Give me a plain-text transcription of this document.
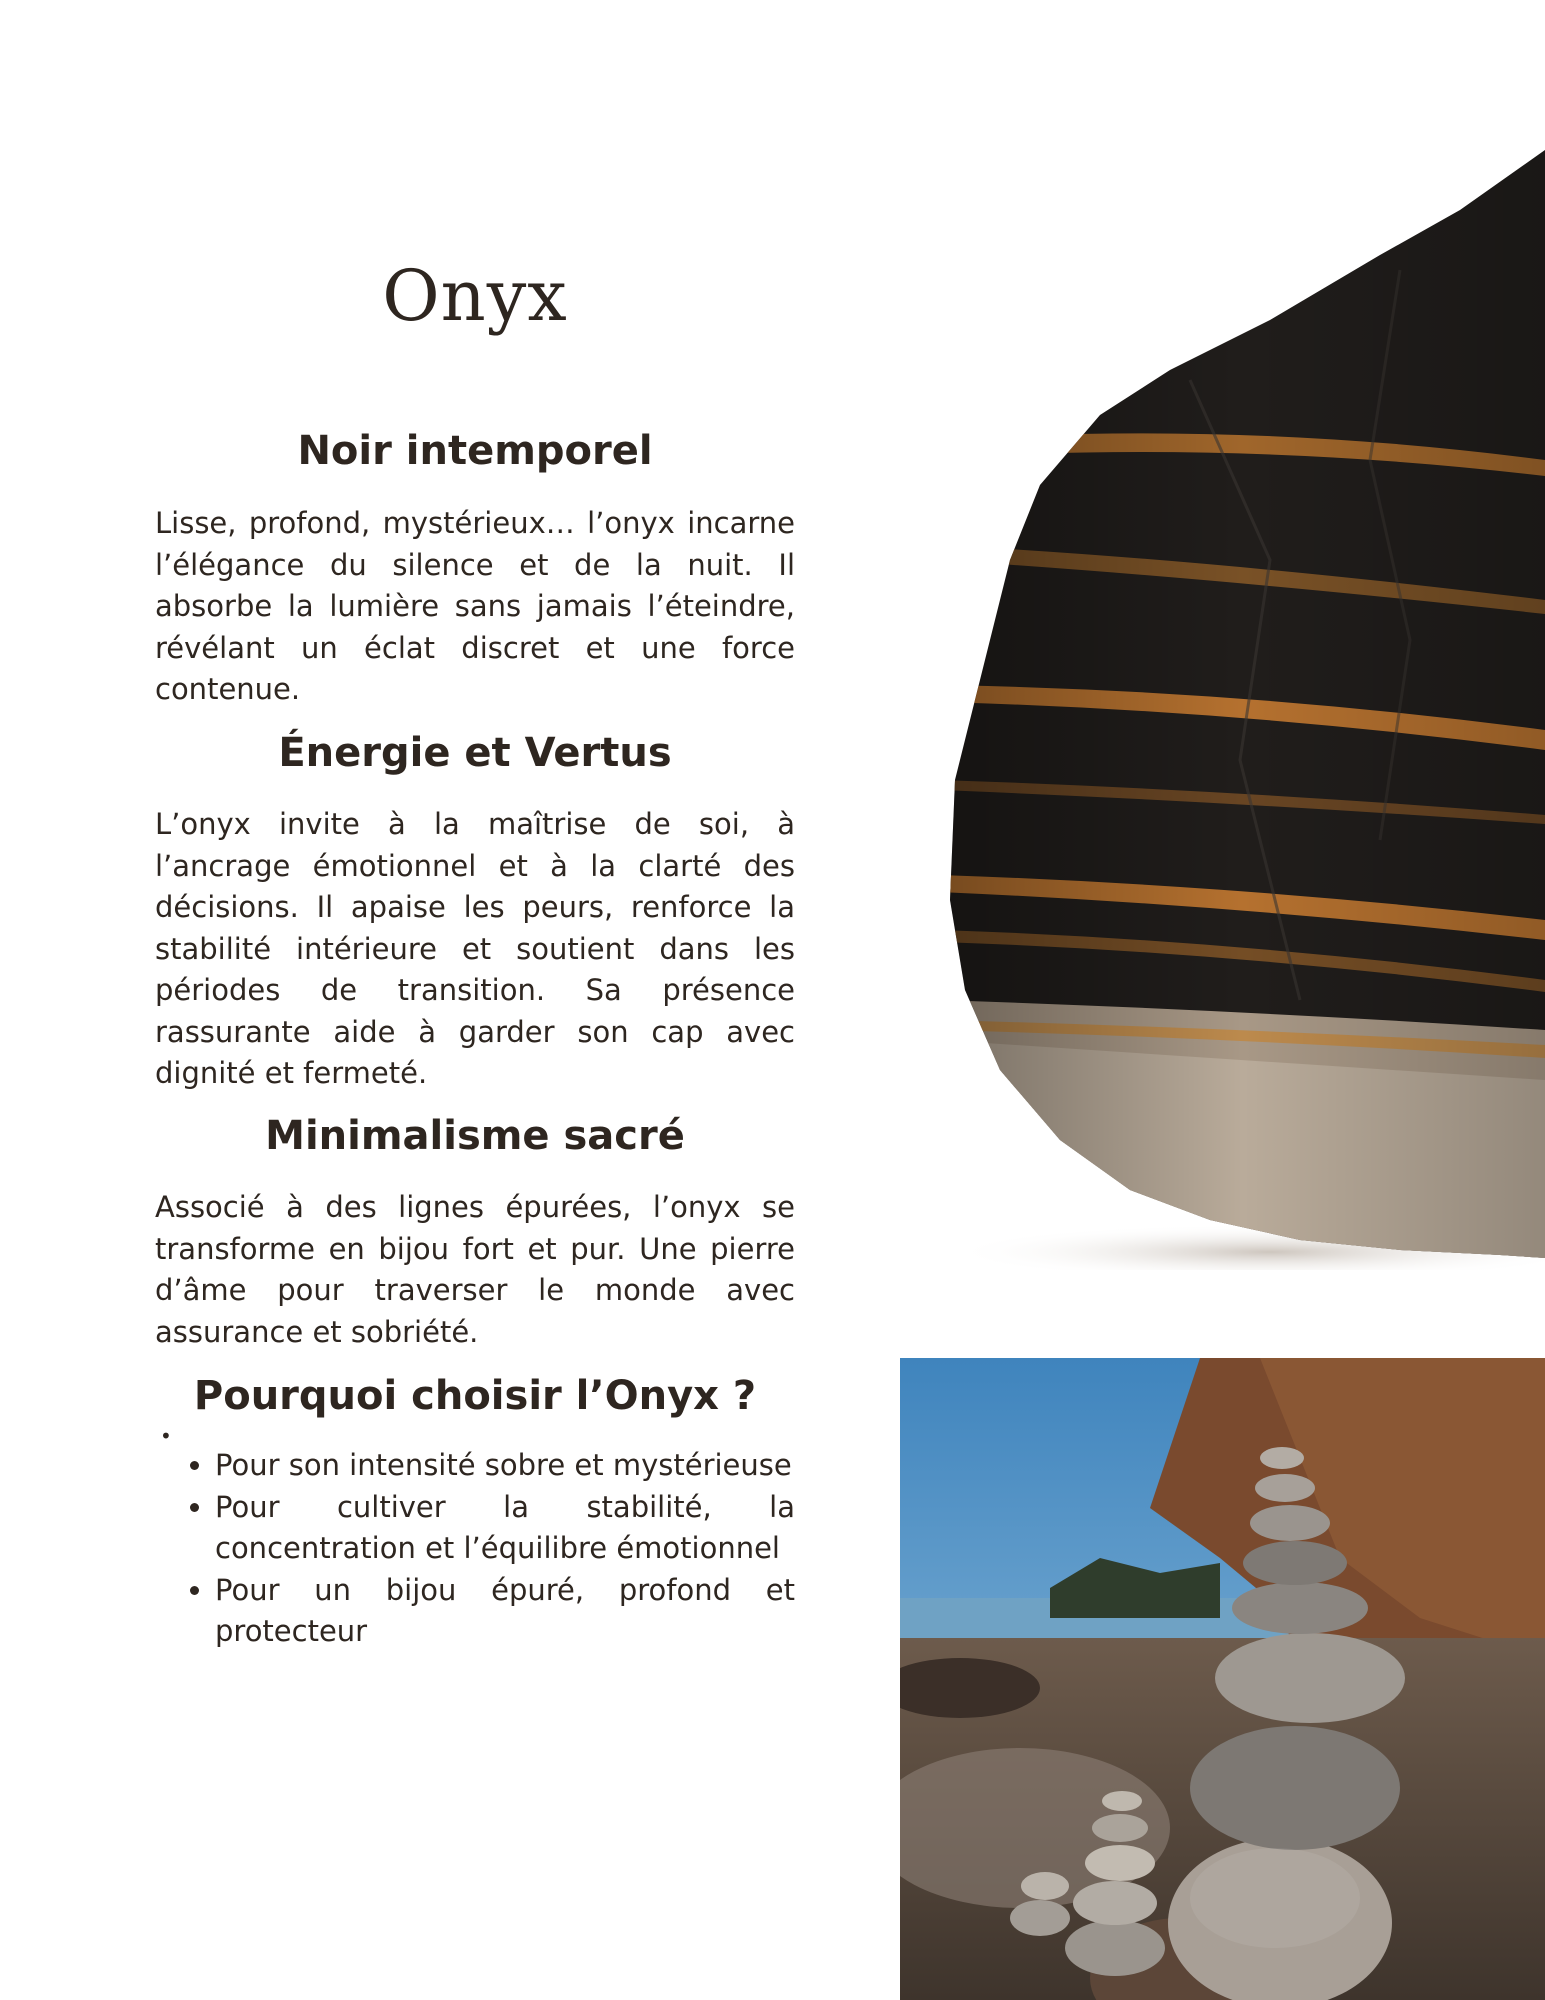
Onyx
Noir intemporel

Lisse, profond, mystérieux… l’onyx incarne l’élégance du silence et de la nuit. Il absorbe la lumière sans jamais l’éteindre, révélant un éclat discret et une force contenue.

Énergie et Vertus

L’onyx invite à la maîtrise de soi, à l’ancrage émotionnel et à la clarté des décisions. Il apaise les peurs, renforce la stabilité intérieure et soutient dans les périodes de transition. Sa présence rassurante aide à garder son cap avec dignité et fermeté.

Minimalisme sacré

Associé à des lignes épurées, l’onyx se transforme en bijou fort et pur. Une pierre d’âme pour traverser le monde avec assurance et sobriété.

Pourquoi choisir l’Onyx ?
•
• Pour son intensité sobre et mystérieuse
• Pour cultiver la stabilité, la concentration et l’équilibre émotionnel
• Pour un bijou épuré, profond et protecteur
